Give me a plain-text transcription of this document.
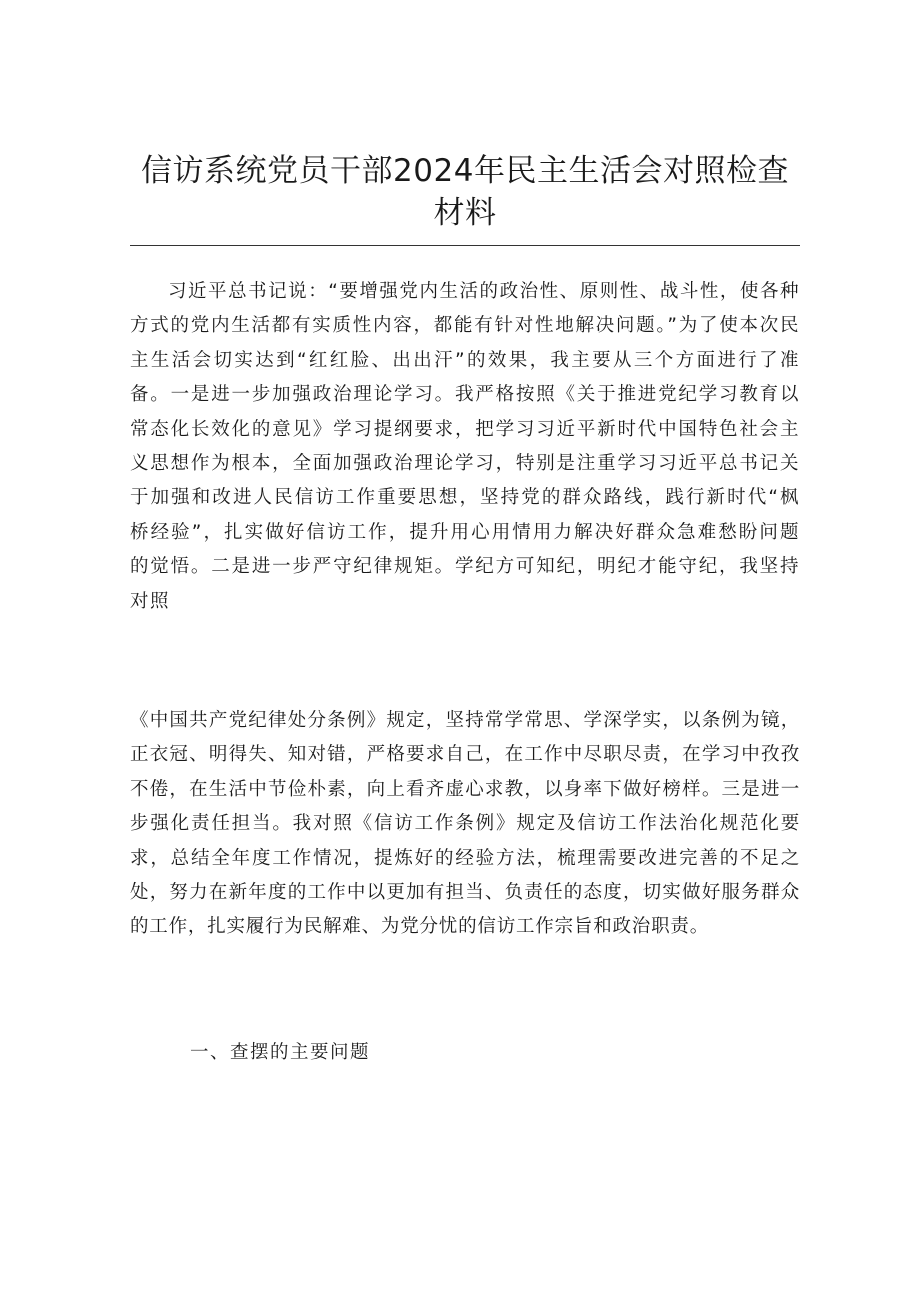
信访系统党员干部2024年民主生活会对照检查材料

习近平总书记说：“要增强党内生活的政治性、原则性、战斗性，使各种方式的党内生活都有实质性内容，都能有针对性地解决问题。”为了使本次民主生活会切实达到“红红脸、出出汗”的效果，我主要从三个方面进行了准备。一是进一步加强政治理论学习。我严格按照《关于推进党纪学习教育以常态化长效化的意见》学习提纲要求，把学习习近平新时代中国特色社会主义思想作为根本，全面加强政治理论学习，特别是注重学习习近平总书记关于加强和改进人民信访工作重要思想，坚持党的群众路线，践行新时代“枫桥经验”，扎实做好信访工作，提升用心用情用力解决好群众急难愁盼问题的觉悟。二是进一步严守纪律规矩。学纪方可知纪，明纪才能守纪，我坚持对照

《中国共产党纪律处分条例》规定，坚持常学常思、学深学实，以条例为镜，正衣冠、明得失、知对错，严格要求自己，在工作中尽职尽责，在学习中孜孜不倦，在生活中节俭朴素，向上看齐虚心求教，以身率下做好榜样。三是进一步强化责任担当。我对照《信访工作条例》规定及信访工作法治化规范化要求，总结全年度工作情况，提炼好的经验方法，梳理需要改进完善的不足之处，努力在新年度的工作中以更加有担当、负责任的态度，切实做好服务群众的工作，扎实履行为民解难、为党分忧的信访工作宗旨和政治职责。

一、查摆的主要问题
